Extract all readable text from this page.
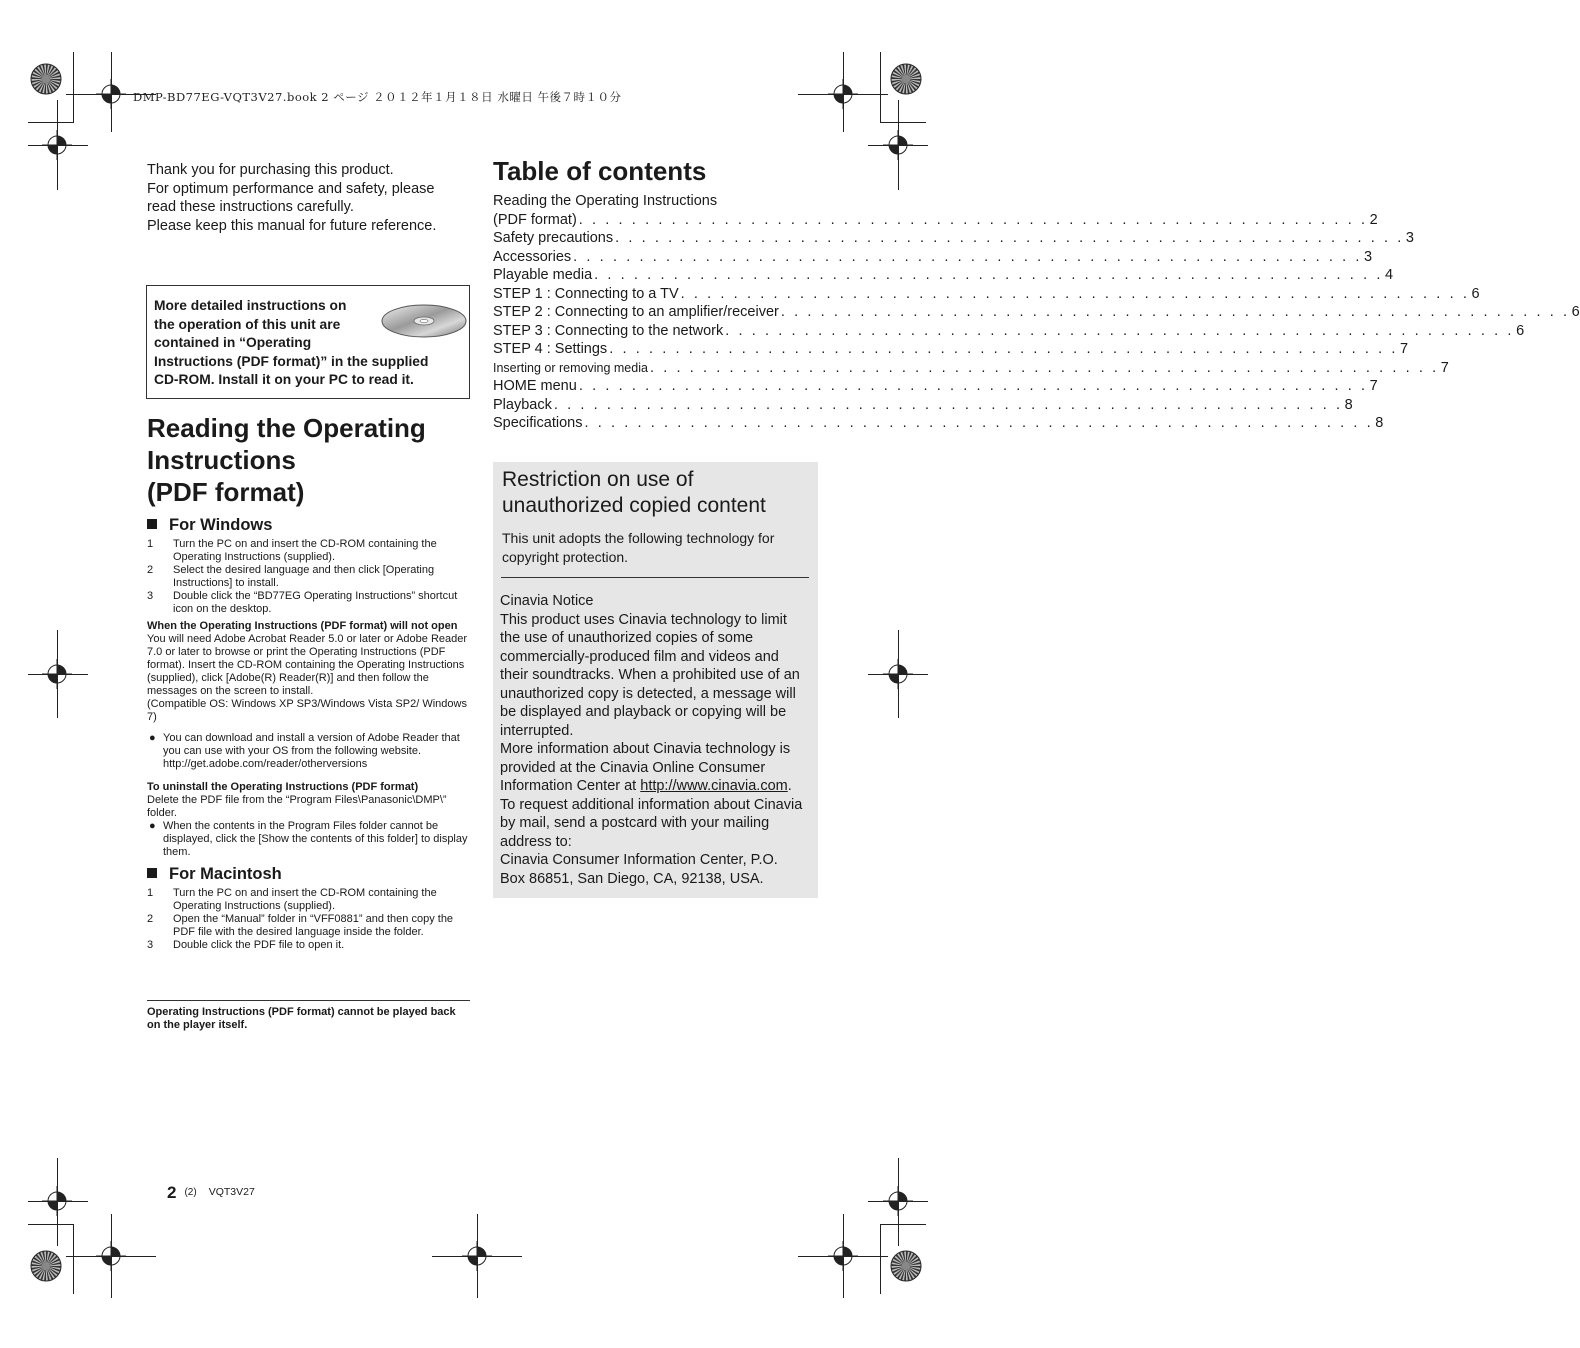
DMP-BD77EG-VQT3V27.book 2 ページ ２０１２年１月１８日 水曜日 午後７時１０分
Thank you for purchasing this product.
For optimum performance and safety, please
read these instructions carefully.
Please keep this manual for future reference.
More detailed instructions on
the operation of this unit are
contained in “Operating
Instructions (PDF format)” in the supplied
CD-ROM. Install it on your PC to read it.
Reading the Operating
Instructions
(PDF format)
For Windows
1 Turn the PC on and insert the CD-ROM containing the Operating Instructions (supplied).
2 Select the desired language and then click [Operating Instructions] to install.
3 Double click the “BD77EG Operating Instructions” shortcut icon on the desktop.
When the Operating Instructions (PDF format) will not open
You will need Adobe Acrobat Reader 5.0 or later or Adobe Reader 7.0 or later to browse or print the Operating Instructions (PDF format). Insert the CD-ROM containing the Operating Instructions (supplied), click [Adobe(R) Reader(R)] and then follow the messages on the screen to install.
(Compatible OS: Windows XP SP3/Windows Vista SP2/ Windows 7)
● You can download and install a version of Adobe Reader that you can use with your OS from the following website. http://get.adobe.com/reader/otherversions
To uninstall the Operating Instructions (PDF format)
Delete the PDF file from the “Program Files\Panasonic\DMP\” folder.
● When the contents in the Program Files folder cannot be displayed, click the [Show the contents of this folder] to display them.
For Macintosh
1 Turn the PC on and insert the CD-ROM containing the Operating Instructions (supplied).
2 Open the “Manual” folder in “VFF0881” and then copy the PDF file with the desired language inside the folder.
3 Double click the PDF file to open it.
Operating Instructions (PDF format) cannot be played back on the player itself.
Table of contents
Reading the Operating Instructions
(PDF format) . . . . . . . . . . . . . . . . . . . . . . . . . . . . . . . . . . . . . . . . . . . . . . . . . . . . . . . . . . . . 2
Safety precautions . . . . . . . . . . . . . . . . . . . . . . . . . . . . . . . . . . . . . . . . . . . . . . . . . . . . . . . . . . . . 3
Accessories . . . . . . . . . . . . . . . . . . . . . . . . . . . . . . . . . . . . . . . . . . . . . . . . . . . . . . . . . . . . 3
Playable media . . . . . . . . . . . . . . . . . . . . . . . . . . . . . . . . . . . . . . . . . . . . . . . . . . . . . . . . . . . . 4
STEP 1 : Connecting to a TV . . . . . . . . . . . . . . . . . . . . . . . . . . . . . . . . . . . . . . . . . . . . . . . . . . . . . . . . . . . . 6
STEP 2 : Connecting to an amplifier/receiver . . . . . . . . . . . . . . . . . . . . . . . . . . . . . . . . . . . . . . . . . . . . . . . . . . . . . . . . . . . . 6
STEP 3 : Connecting to the network . . . . . . . . . . . . . . . . . . . . . . . . . . . . . . . . . . . . . . . . . . . . . . . . . . . . . . . . . . . . 6
STEP 4 : Settings . . . . . . . . . . . . . . . . . . . . . . . . . . . . . . . . . . . . . . . . . . . . . . . . . . . . . . . . . . . . 7
Inserting or removing media . . . . . . . . . . . . . . . . . . . . . . . . . . . . . . . . . . . . . . . . . . . . . . . . . . . . . . . . . . . . 7
HOME menu . . . . . . . . . . . . . . . . . . . . . . . . . . . . . . . . . . . . . . . . . . . . . . . . . . . . . . . . . . . . 7
Playback . . . . . . . . . . . . . . . . . . . . . . . . . . . . . . . . . . . . . . . . . . . . . . . . . . . . . . . . . . . . 8
Specifications . . . . . . . . . . . . . . . . . . . . . . . . . . . . . . . . . . . . . . . . . . . . . . . . . . . . . . . . . . . . 8
Restriction on use of
unauthorized copied content
This unit adopts the following technology for copyright protection.
Cinavia Notice
This product uses Cinavia technology to limit
the use of unauthorized copies of some
commercially-produced film and videos and
their soundtracks. When a prohibited use of an
unauthorized copy is detected, a message will
be displayed and playback or copying will be
interrupted.
More information about Cinavia technology is
provided at the Cinavia Online Consumer
Information Center at http://www.cinavia.com.
To request additional information about Cinavia
by mail, send a postcard with your mailing
address to:
Cinavia Consumer Information Center, P.O.
Box 86851, San Diego, CA, 92138, USA.
2 (2) VQT3V27
